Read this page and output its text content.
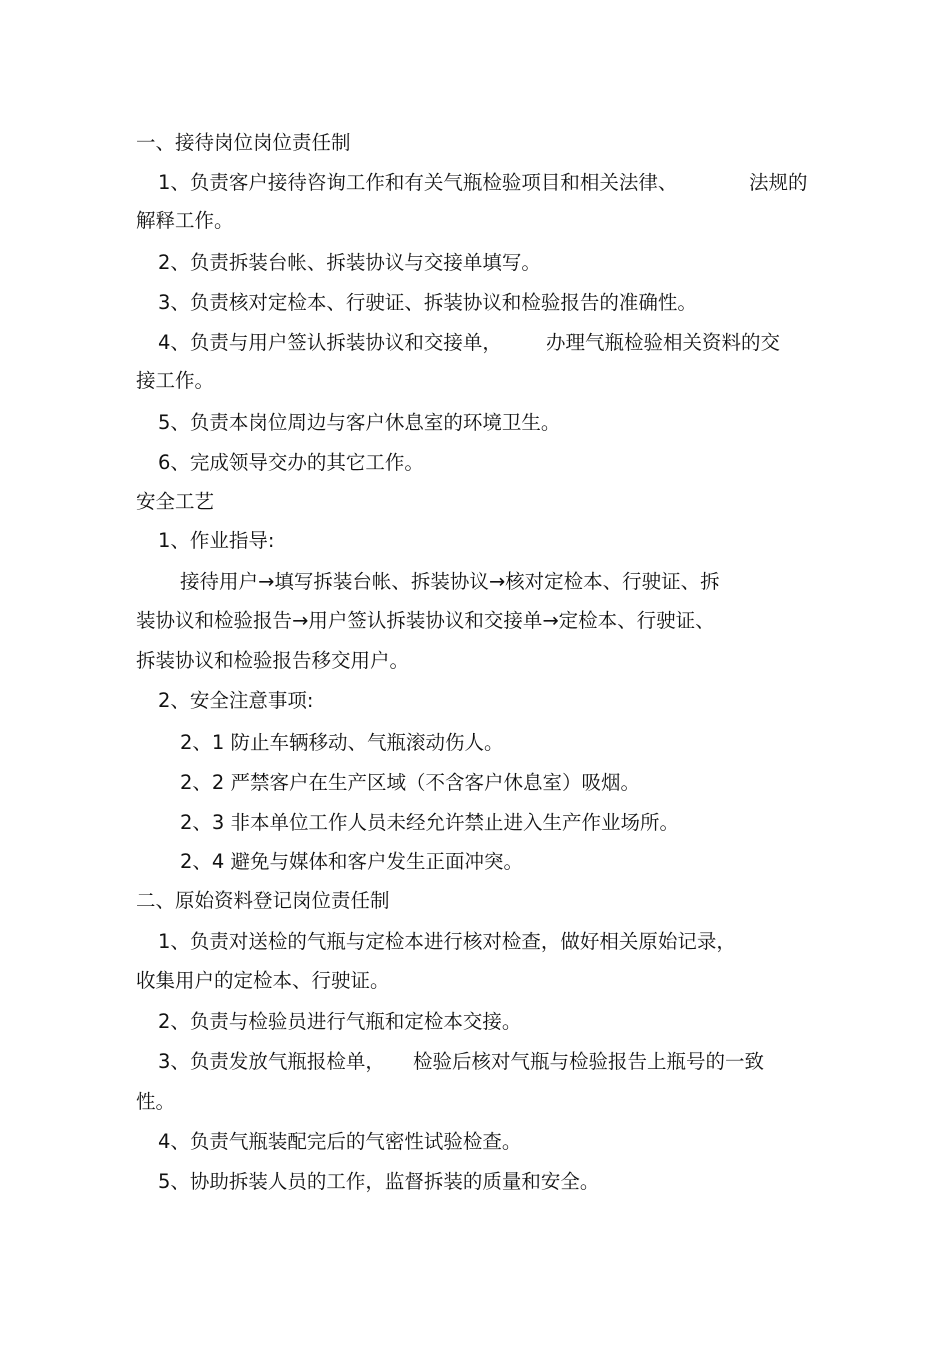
一、接待岗位岗位责任制
1、负责客户接待咨询工作和有关气瓶检验项目和相关法律、	法规的
解释工作。
2、负责拆装台帐、拆装协议与交接单填写。
3、负责核对定检本、行驶证、拆装协议和检验报告的准确性。
4、负责与用户签认拆装协议和交接单， 办理气瓶检验相关资料的交
接工作。
5、负责本岗位周边与客户休息室的环境卫生。
6、完成领导交办的其它工作。
安全工艺
1、作业指导:
接待用户→填写拆装台帐、拆装协议→核对定检本、行驶证、拆
装协议和检验报告→用户签认拆装协议和交接单→定检本、行驶证、
拆装协议和检验报告移交用户。
2、安全注意事项:
2、1 防止车辆移动、气瓶滚动伤人。
2、2 严禁客户在生产区域（不含客户休息室）吸烟。
2、3 非本单位工作人员未经允许禁止进入生产作业场所。
2、4 避免与媒体和客户发生正面冲突。
二、原始资料登记岗位责任制
1、负责对送检的气瓶与定检本进行核对检查，做好相关原始记录，
收集用户的定检本、行驶证。
2、负责与检验员进行气瓶和定检本交接。
3、负责发放气瓶报检单， 检验后核对气瓶与检验报告上瓶号的一致
性。
4、负责气瓶装配完后的气密性试验检查。
5、协助拆装人员的工作，监督拆装的质量和安全。
